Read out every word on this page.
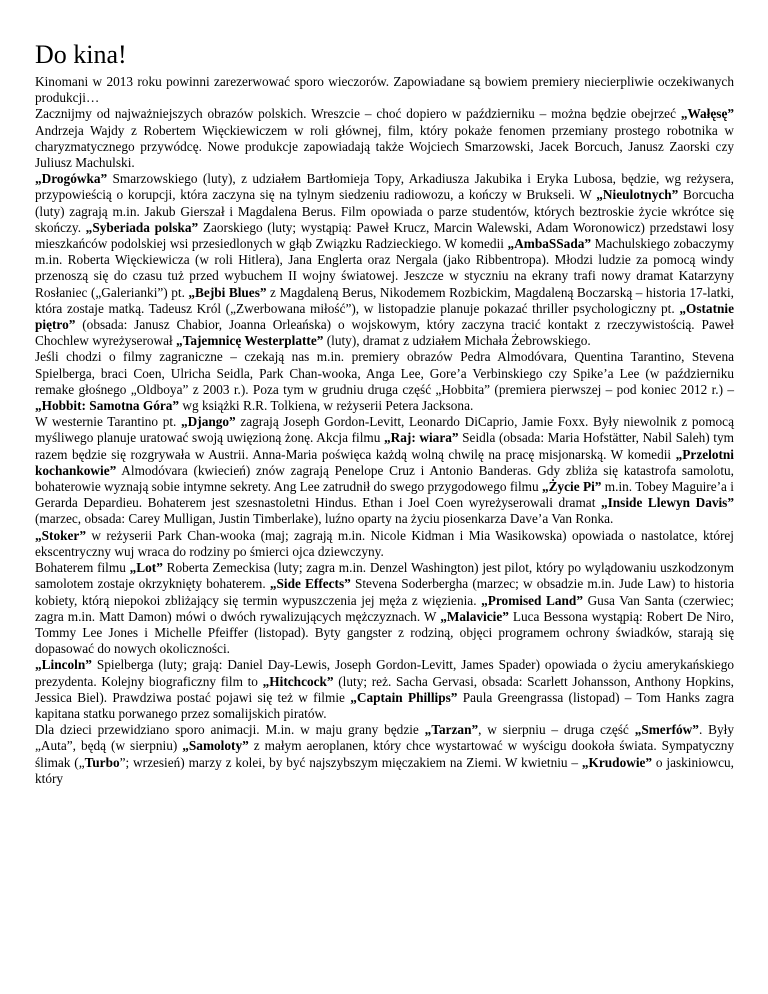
Do kina!

Kinomani w 2013 roku powinni zarezerwować sporo wieczorów. Zapowiadane są bowiem premiery niecierpliwie oczekiwanych produkcji…

Zacznijmy od najważniejszych obrazów polskich. Wreszcie – choć dopiero w październiku – można będzie obejrzeć „Wałęsę” Andrzeja Wajdy z Robertem Więckiewiczem w roli głównej, film, który pokaże fenomen przemiany prostego robotnika w charyzmatycznego przywódcę. Nowe produkcje zapowiadają także Wojciech Smarzowski, Jacek Borcuch, Janusz Zaorski czy Juliusz Machulski.

„Drogówka” Smarzowskiego (luty), z udziałem Bartłomieja Topy, Arkadiusza Jakubika i Eryka Lubosa, będzie, wg reżysera, przypowieścią o korupcji, która zaczyna się na tylnym siedzeniu radiowozu, a kończy w Brukseli. W „Nieulotnych” Borcucha (luty) zagrają m.in. Jakub Gierszał i Magdalena Berus. Film opowiada o parze studentów, których beztroskie życie wkrótce się skończy. „Syberiada polska” Zaorskiego (luty; wystąpią: Paweł Krucz, Marcin Walewski, Adam Woronowicz) przedstawi losy mieszkańców podolskiej wsi przesiedlonych w głąb Związku Radzieckiego. W komedii „AmbaSSada” Machulskiego zobaczymy m.in. Roberta Więckiewicza (w roli Hitlera), Jana Englerta oraz Nergala (jako Ribbentropa). Młodzi ludzie za pomocą windy przenoszą się do czasu tuż przed wybuchem II wojny światowej. Jeszcze w styczniu na ekrany trafi nowy dramat Katarzyny Rosłaniec („Galerianki”) pt. „Bejbi Blues” z Magdaleną Berus, Nikodemem Rozbickim, Magdaleną Boczarską – historia 17-latki, która zostaje matką. Tadeusz Król („Zwerbowana miłość”), w listopadzie planuje pokazać thriller psychologiczny pt. „Ostatnie piętro” (obsada: Janusz Chabior, Joanna Orleańska) o wojskowym, który zaczyna tracić kontakt z rzeczywistością. Paweł Chochlew wyreżyserował „Tajemnicę Westerplatte” (luty), dramat z udziałem Michała Żebrowskiego.

Jeśli chodzi o filmy zagraniczne – czekają nas m.in. premiery obrazów Pedra Almodóvara, Quentina Tarantino, Stevena Spielberga, braci Coen, Ulricha Seidla, Park Chan-wooka, Anga Lee, Gore’a Verbinskiego czy Spike’a Lee (w październiku remake głośnego „Oldboya” z 2003 r.). Poza tym w grudniu druga część „Hobbita” (premiera pierwszej – pod koniec 2012 r.) – „Hobbit: Samotna Góra” wg książki R.R. Tolkiena, w reżyserii Petera Jacksona.

W westernie Tarantino pt. „Django” zagrają Joseph Gordon-Levitt, Leonardo DiCaprio, Jamie Foxx. Były niewolnik z pomocą myśliwego planuje uratować swoją uwięzioną żonę. Akcja filmu „Raj: wiara” Seidla (obsada: Maria Hofstätter, Nabil Saleh) tym razem będzie się rozgrywała w Austrii. Anna-Maria poświęca każdą wolną chwilę na pracę misjonarską. W komedii „Przelotni kochankowie” Almodóvara (kwiecień) znów zagrają Penelope Cruz i Antonio Banderas. Gdy zbliża się katastrofa samolotu, bohaterowie wyznają sobie intymne sekrety. Ang Lee zatrudnił do swego przygodowego filmu „Życie Pi” m.in. Tobey Maguire’a i Gerarda Depardieu. Bohaterem jest szesnastoletni Hindus. Ethan i Joel Coen wyreżyserowali dramat „Inside Llewyn Davis” (marzec, obsada: Carey Mulligan, Justin Timberlake), luźno oparty na życiu piosenkarza Dave’a Van Ronka.

„Stoker” w reżyserii Park Chan-wooka (maj; zagrają m.in. Nicole Kidman i Mia Wasikowska) opowiada o nastolatce, której ekscentryczny wuj wraca do rodziny po śmierci ojca dziewczyny.

Bohaterem filmu „Lot” Roberta Zemeckisa (luty; zagra m.in. Denzel Washington) jest pilot, który po wylądowaniu uszkodzonym samolotem zostaje okrzyknięty bohaterem. „Side Effects” Stevena Soderbergha (marzec; w obsadzie m.in. Jude Law) to historia kobiety, którą niepokoi zbliżający się termin wypuszczenia jej męża z więzienia. „Promised Land” Gusa Van Santa (czerwiec; zagra m.in. Matt Damon) mówi o dwóch rywalizujących mężczyznach. W „Malavicie” Luca Bessona wystąpią: Robert De Niro, Tommy Lee Jones i Michelle Pfeiffer (listopad). Byty gangster z rodziną, objęci programem ochrony świadków, starają się dopasować do nowych okoliczności.

„Lincoln” Spielberga (luty; grają: Daniel Day-Lewis, Joseph Gordon-Levitt, James Spader) opowiada o życiu amerykańskiego prezydenta. Kolejny biograficzny film to „Hitchcock” (luty; reż. Sacha Gervasi, obsada: Scarlett Johansson, Anthony Hopkins, Jessica Biel). Prawdziwa postać pojawi się też w filmie „Captain Phillips” Paula Greengrassa (listopad) – Tom Hanks zagra kapitana statku porwanego przez somalijskich piratów.

Dla dzieci przewidziano sporo animacji. M.in. w maju grany będzie „Tarzan”, w sierpniu – druga część „Smerfów”. Były „Auta”, będą (w sierpniu) „Samoloty” z małym aeroplanen, który chce wystartować w wyścigu dookoła świata. Sympatyczny ślimak („Turbo”; wrzesień) marzy z kolei, by być najszybszym mięczakiem na Ziemi. W kwietniu – „Krudowie” o jaskiniowcu, który
